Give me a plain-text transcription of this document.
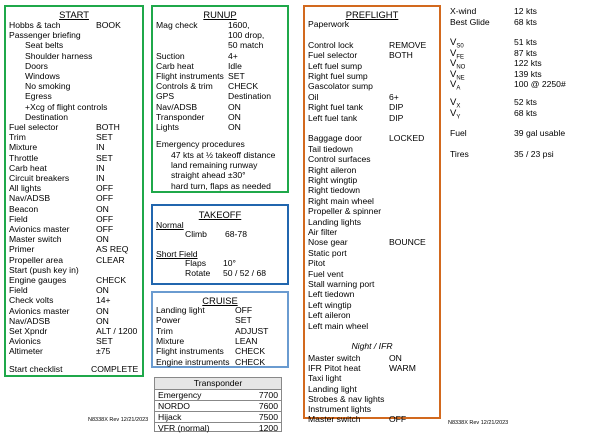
START
Hobbs & tach	BOOK
Passenger briefing
Seat belts
Shoulder harness
Doors
Windows
No smoking
Egress
+Xcg of flight controls
Destination
Fuel selector	BOTH
Trim	SET
Mixture	IN
Throttle	SET
Carb heat	IN
Circuit breakers	IN
All lights	OFF
Nav/ADSB	OFF
Beacon	ON
Field	OFF
Avionics master	OFF
Master switch	ON
Primer	AS REQ
Propeller area	CLEAR
Start (push key in)
Engine gauges	CHECK
Field	ON
Check volts	14+
Avionics master	ON
Nav/ADSB	ON
Set Xpndr	ALT / 1200
Avionics	SET
Altimeter	±75
Start checklist	COMPLETE
RUNUP
Mag check	1600,
100 drop,
50 match
Suction	4+
Carb heat	Idle
Flight instruments SET
Controls & trim CHECK
GPS	Destination
Nav/ADSB	ON
Transponder	ON
Lights	ON
Emergency procedures
47 kts at ½ takeoff distance
land remaining runway
straight ahead ±30°
hard turn, flaps as needed
TAKEOFF
Normal
Climb 68-78
Short Field
Flaps 10°
Rotate 50 / 52 / 68
CRUISE
Landing light	OFF
Power	SET
Trim	ADJUST
Mixture	LEAN
Flight instruments CHECK
Engine instruments CHECK
Transponder
Emergency	7700
NORDO	7600
Hijack	7500
VFR (normal)	1200
PREFLIGHT
Paperwork
Control lock	REMOVE
Fuel selector	BOTH
Left fuel sump
Right fuel sump
Gascolator sump
Oil	6+
Right fuel tank	DIP
Left fuel tank	DIP
Baggage door	LOCKED
Tail tiedown
Control surfaces
Right aileron
Right wingtip
Right tiedown
Right main wheel
Propeller & spinner
Landing lights
Air filter
Nose gear	BOUNCE
Static port
Pitot
Fuel vent
Stall warning port
Left tiedown
Left wingtip
Left aileron
Left main wheel
Night / IFR
Master switch	ON
IFR Pitot heat	WARM
Taxi light
Landing light
Strobes & nav lights
Instrument lights
Master switch	OFF
X-wind	12 kts
Best Glide	68 kts
$V_{S0}$	51 kts
$V_{FE}$	87 kts
$V_{NO}$	122 kts
$V_{NE}$	139 kts
$V_A$	100 @ 2250#
$V_X$	52 kts
$V_Y$	68 kts
Fuel	39 gal usable
Tires	35 / 23 psi
N8338X Rev 12/21/2023	N8338X Rev 12/21/2023
